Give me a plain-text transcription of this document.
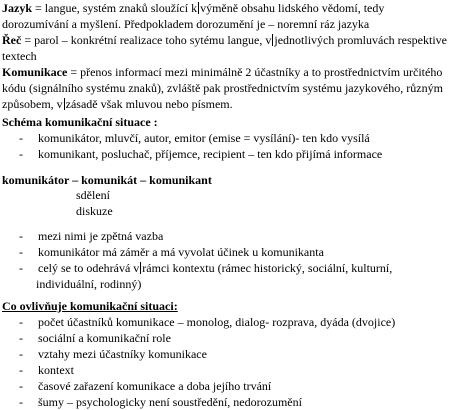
Jazyk = langue, systém znaků sloužící k výměně obsahu lidského vědomí, tedy
dorozumívání a myšlení. Předpokladem dorozumění je – noremní ráz jazyka
Řeč = parol – konkrétní realizace toho sytému langue, v jednotlivých promluvách respektive
textech
Komunikace = přenos informací mezi minimálně 2 účastníky a to prostřednictvím určitého
kódu (signálního systému znaků), zvláště pak prostřednictvím systému jazykového, různým
způsobem, v zásadě však mluvou nebo písmem.
Schéma komunikační situace :
- komunikátor, mluvčí, autor, emitor (emise = vysílání)- ten kdo vysílá
- komunikant, posluchač, příjemce, recipient – ten kdo přijímá informace
komunikátor – komunikát – komunikant
sdělení
diskuze
- mezi nimi je zpětná vazba
- komunikátor má záměr a má vyvolat účinek u komunikanta
- celý se to odehrává v rámci kontextu (rámec historický, sociální, kulturní,
individuální, rodinný)
Co ovlivňuje komunikační situaci:
- počet účastníků komunikace – monolog, dialog- rozprava, dyáda (dvojice)
- sociální a komunikační role
- vztahy mezi účastníky komunikace
- kontext
- časové zařazení komunikace a doba jejího trvání
- šumy – psychologicky není soustředění, nedorozumění
